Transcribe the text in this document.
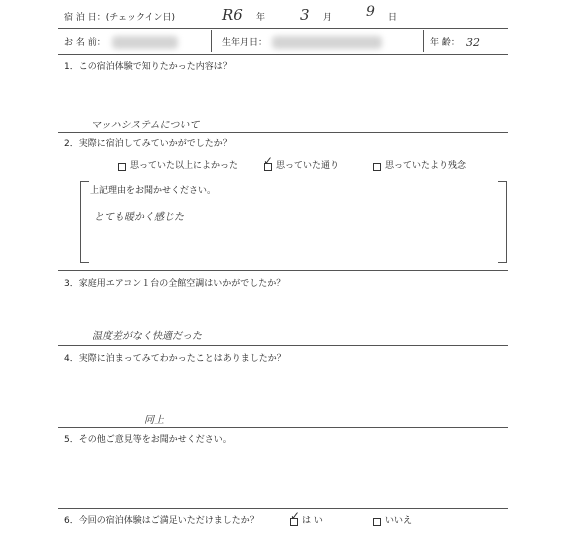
宿 泊 日：(チェックイン日)	R6 年 3 月 9 日
お 名 前：	生年月日：	年 齢： 32
1．この宿泊体験で知りたかった内容は？
マッハシステムについて
2．実際に宿泊してみていかがでしたか？
思っていた以上によかった ✓ 思っていた通り	思っていたより残念
上記理由をお聞かせください。
とても暖かく感じた
3．家庭用エアコン１台の全館空調はいかがでしたか？
温度差がなく快適だった
4．実際に泊まってみてわかったことはありましたか？
同上
5．その他ご意見等をお聞かせください。
6．今回の宿泊体験はご満足いただけましたか？	✓ は い	いいえ
